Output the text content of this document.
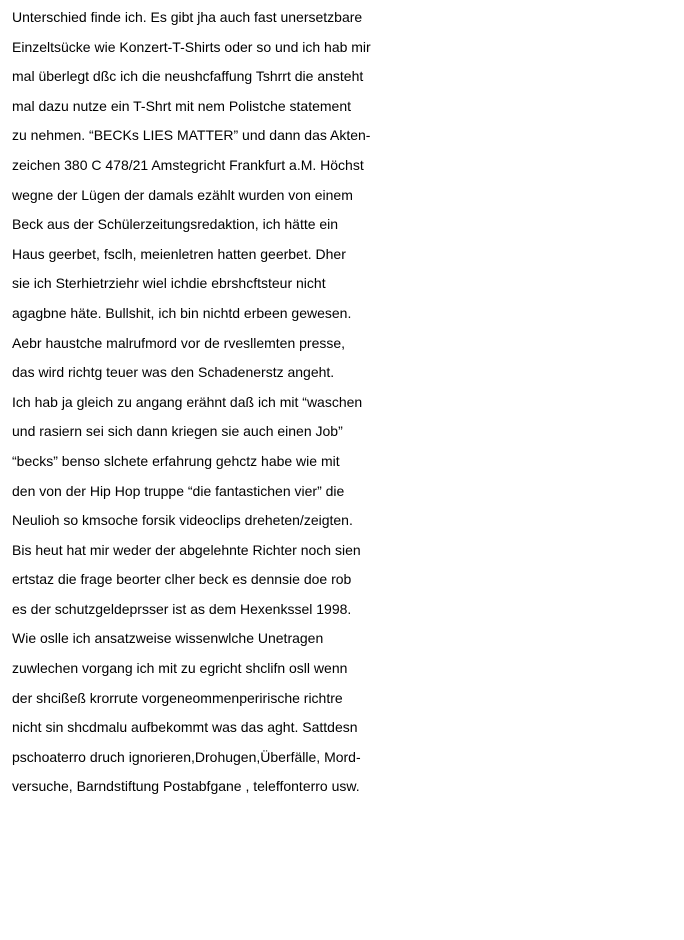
Unterschied finde ich. Es gibt jha auch fast unersetzbare
Einzeltsücke wie Konzert-T-Shirts oder so und ich hab mir
mal überlegt dßc ich die neushcfaffung Tshrrt die ansteht
mal dazu nutze ein T-Shrt mit nem Polistche statement
zu nehmen. “BECKs LIES MATTER” und dann das Akten-
zeichen 380 C 478/21 Amstegricht Frankfurt a.M. Höchst
wegne der Lügen der damals ezählt wurden von einem
Beck aus der Schülerzeitungsredaktion, ich hätte ein
Haus geerbet, fsclh, meienletren hatten geerbet. Dher
sie ich Sterhietrziehr wiel ichdie ebrshcftsteur nicht
agagbne häte. Bullshit, ich bin nichtd erbeen gewesen.
Aebr haustche malrufmord vor de rvesllemten presse,
das wird richtg teuer was den Schadenerstz angeht.
Ich hab ja gleich zu angang erähnt daß ich mit “waschen
und rasiern sei sich dann kriegen sie auch einen Job”
“becks” benso slchete erfahrung gehctz habe wie mit
den von der Hip Hop truppe “die fantastichen vier” die
Neulioh so kmsoche forsik videoclips dreheten/zeigten.
Bis heut hat mir weder der abgelehnte Richter noch sien
ertstaz die frage beorter clher beck es dennsie doe rob
es der schutzgeldeprsser ist as dem Hexenkssel 1998.
Wie oslle ich ansatzweise wissenwlche Unetragen
zuwlechen vorgang ich mit zu egricht shclifn osll wenn
der shcißeß krorrute vorgeneommenperirische richtre
nicht sin shcdmalu aufbekommt was das aght. Sattdesn
pschoaterro druch ignorieren,Drohugen,Überfälle, Mord-
versuche, Barndstiftung Postabfgane , teleffonterro usw.
